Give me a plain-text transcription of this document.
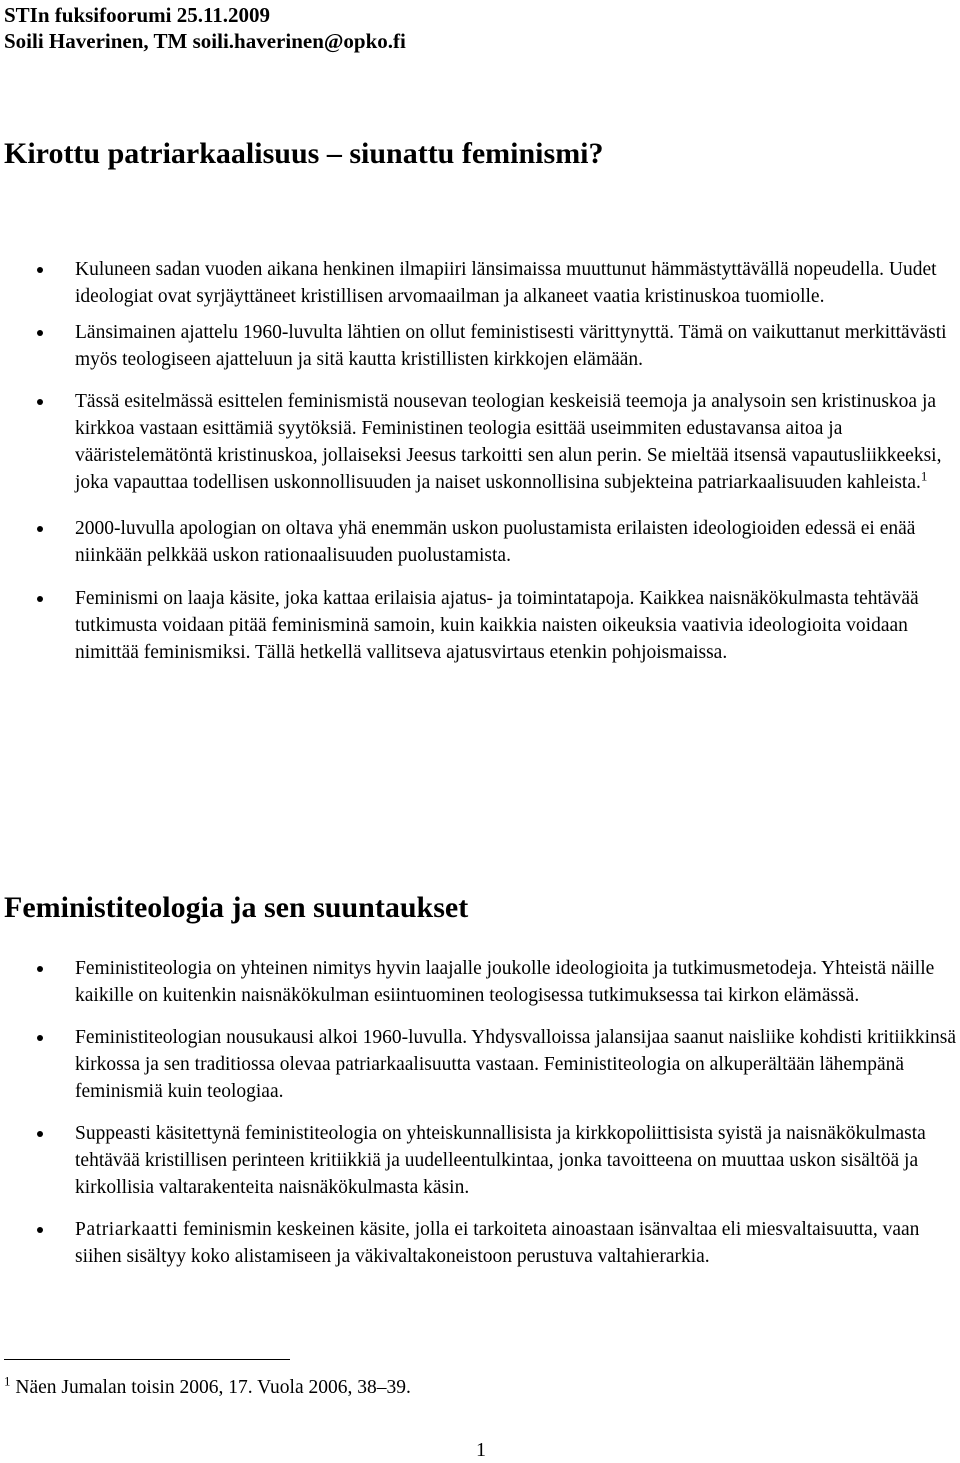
STIn fuksifoorumi 25.11.2009
Soili Haverinen, TM soili.haverinen@opko.fi
Kirottu patriarkaalisuus – siunattu feminismi?
Kuluneen sadan vuoden aikana henkinen ilmapiiri länsimaissa muuttunut hämmästyttävällä nopeudella. Uudet ideologiat ovat syrjäyttäneet kristillisen arvomaailman ja alkaneet vaatia kristinuskoa tuomiolle.
Länsimainen ajattelu 1960-luvulta lähtien on ollut feministisesti värittynyttä. Tämä on vaikuttanut merkittävästi myös teologiseen ajatteluun ja sitä kautta kristillisten kirkkojen elämään.
Tässä esitelmässä esittelen feminismistä nousevan teologian keskeisiä teemoja ja analysoin sen kristinuskoa ja kirkkoa vastaan esittämiä syytöksiä. Feministinen teologia esittää useimmiten edustavansa aitoa ja vääristelemätöntä kristinuskoa, jollaiseksi Jeesus tarkoitti sen alun perin. Se mieltää itsensä vapautusliikkeeksi, joka vapauttaa todellisen uskonnollisuuden ja naiset uskonnollisina subjekteina patriarkaalisuuden kahleista.$^1$
2000-luvulla apologian on oltava yhä enemmän uskon puolustamista erilaisten ideologioiden edessä ei enää niinkään pelkkää uskon rationaalisuuden puolustamista.
Feminismi on laaja käsite, joka kattaa erilaisia ajatus- ja toimintatapoja. Kaikkea naisnäkökulmasta tehtävää tutkimusta voidaan pitää feminisminä samoin, kuin kaikkia naisten oikeuksia vaativia ideologioita voidaan nimittää feminismiksi. Tällä hetkellä vallitseva ajatusvirtaus etenkin pohjoismaissa.
Feministiteologia ja sen suuntaukset
Feministiteologia on yhteinen nimitys hyvin laajalle joukolle ideologioita ja tutkimusmetodeja. Yhteistä näille kaikille on kuitenkin naisnäkökulman esiintuominen teologisessa tutkimuksessa tai kirkon elämässä.
Feministiteologian nousukausi alkoi 1960-luvulla. Yhdysvalloissa jalansijaa saanut naisliike kohdisti kritiikkinsä kirkossa ja sen traditiossa olevaa patriarkaalisuutta vastaan. Feministiteologia on alkuperältään lähempänä feminismiä kuin teologiaa.
Suppeasti käsitettynä feministiteologia on yhteiskunnallisista ja kirkkopoliittisista syistä ja naisnäkökulmasta tehtävää kristillisen perinteen kritiikkiä ja uudelleentulkintaa, jonka tavoitteena on muuttaa uskon sisältöä ja kirkollisia valtarakenteita naisnäkökulmasta käsin.
Patriarkaatti feminismin keskeinen käsite, jolla ei tarkoiteta ainoastaan isänvaltaa eli miesvaltaisuutta, vaan siihen sisältyy koko alistamiseen ja väkivaltakoneistoon perustuva valtahierarkia.
$^1$ Näen Jumalan toisin 2006, 17. Vuola 2006, 38–39.
1
